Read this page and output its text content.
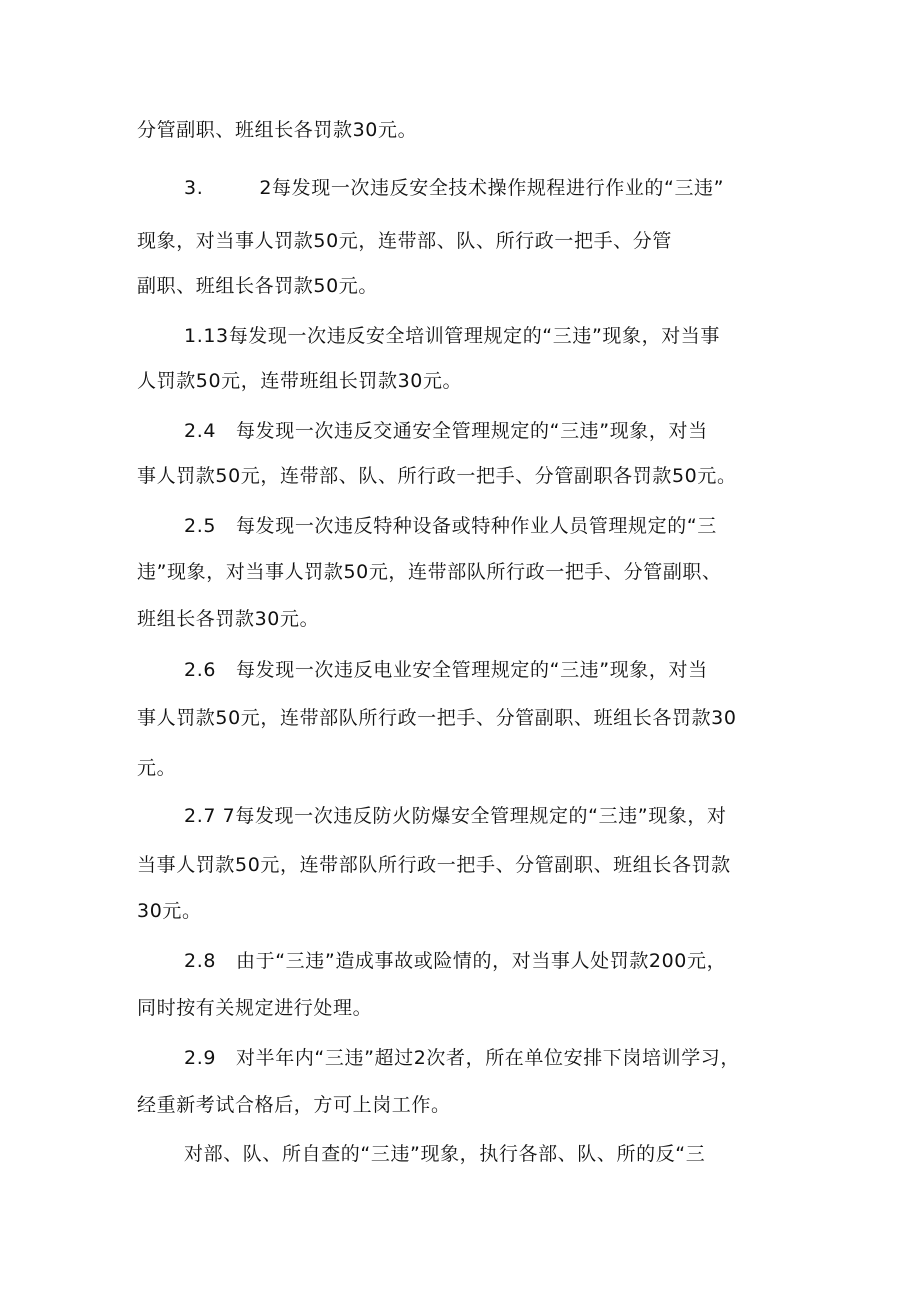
分管副职、班组长各罚款30元。
3.	2每发现一次违反安全技术操作规程进行作业的“三违”
现象，对当事人罚款50元，连带部、队、所行政一把手、分管
副职、班组长各罚款50元。
1.13每发现一次违反安全培训管理规定的“三违”现象，对当事
人罚款50元，连带班组长罚款30元。
2.4 每发现一次违反交通安全管理规定的“三违”现象，对当
事人罚款50元，连带部、队、所行政一把手、分管副职各罚款50元。
2.5 每发现一次违反特种设备或特种作业人员管理规定的“三
违”现象，对当事人罚款50元，连带部队所行政一把手、分管副职、
班组长各罚款30元。
2.6 每发现一次违反电业安全管理规定的“三违”现象，对当
事人罚款50元，连带部队所行政一把手、分管副职、班组长各罚款30
元。
2.7 7每发现一次违反防火防爆安全管理规定的“三违”现象，对
当事人罚款50元，连带部队所行政一把手、分管副职、班组长各罚款
30元。
2.8 由于“三违”造成事故或险情的，对当事人处罚款200元，
同时按有关规定进行处理。
2.9 对半年内“三违”超过2次者，所在单位安排下岗培训学习，
经重新考试合格后，方可上岗工作。
对部、队、所自查的“三违”现象，执行各部、队、所的反“三
